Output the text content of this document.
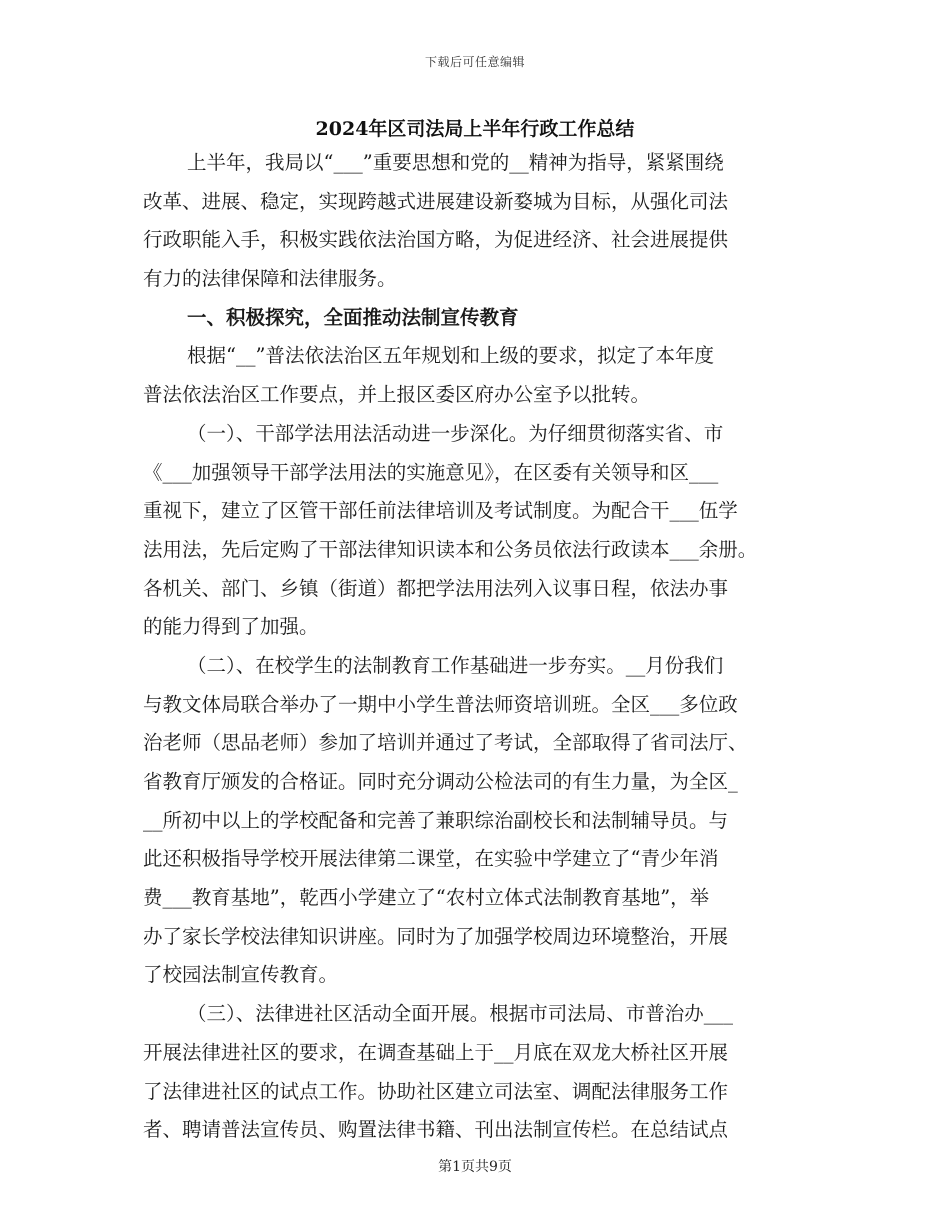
下载后可任意编辑
2024年区司法局上半年行政工作总结
上半年，我局以“___”重要思想和党的__精神为指导，紧紧围绕
改革、进展、稳定，实现跨越式进展建设新婺城为目标，从强化司法
行政职能入手，积极实践依法治国方略，为促进经济、社会进展提供
有力的法律保障和法律服务。
一、积极探究，全面推动法制宣传教育
根据“__”普法依法治区五年规划和上级的要求，拟定了本年度
普法依法治区工作要点，并上报区委区府办公室予以批转。
（一）、干部学法用法活动进一步深化。为仔细贯彻落实省、市
《___加强领导干部学法用法的实施意见》，在区委有关领导和区___
重视下，建立了区管干部任前法律培训及考试制度。为配合干___伍学
法用法，先后定购了干部法律知识读本和公务员依法行政读本___余册。
各机关、部门、乡镇（街道）都把学法用法列入议事日程，依法办事
的能力得到了加强。
（二）、在校学生的法制教育工作基础进一步夯实。__月份我们
与教文体局联合举办了一期中小学生普法师资培训班。全区___多位政
治老师（思品老师）参加了培训并通过了考试，全部取得了省司法厅、
省教育厅颁发的合格证。同时充分调动公检法司的有生力量，为全区_
__所初中以上的学校配备和完善了兼职综治副校长和法制辅导员。与
此还积极指导学校开展法律第二课堂，在实验中学建立了“青少年消
费___教育基地”，乾西小学建立了“农村立体式法制教育基地”，举
办了家长学校法律知识讲座。同时为了加强学校周边环境整治，开展
了校园法制宣传教育。
（三）、法律进社区活动全面开展。根据市司法局、市普治办___
开展法律进社区的要求，在调查基础上于__月底在双龙大桥社区开展
了法律进社区的试点工作。协助社区建立司法室、调配法律服务工作
者、聘请普法宣传员、购置法律书籍、刊出法制宣传栏。在总结试点
第1页共9页
